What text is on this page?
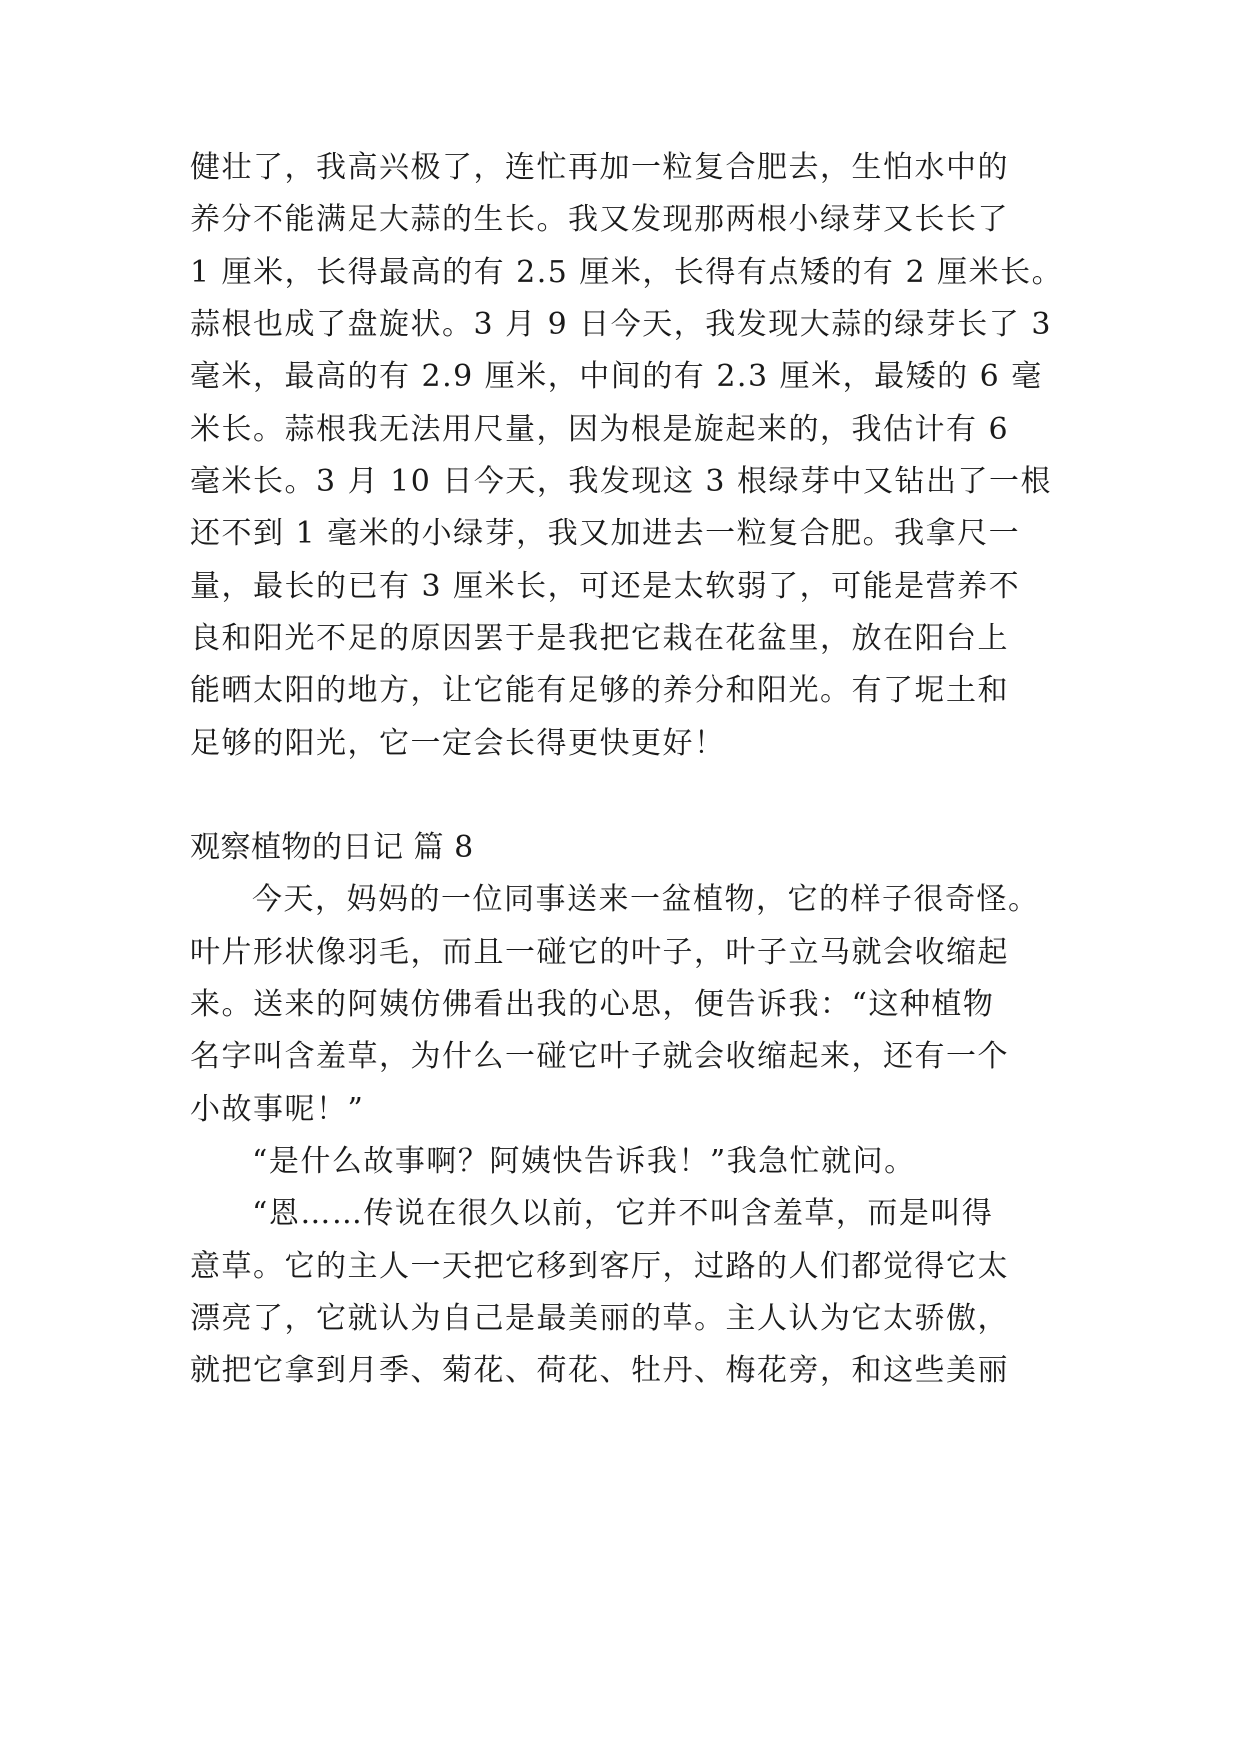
健壮了，我高兴极了，连忙再加一粒复合肥去，生怕水中的
养分不能满足大蒜的生长。我又发现那两根小绿芽又长长了
1 厘米，长得最高的有 2.5 厘米，长得有点矮的有 2 厘米长。
蒜根也成了盘旋状。3 月 9 日今天，我发现大蒜的绿芽长了 3
毫米，最高的有 2.9 厘米，中间的有 2.3 厘米，最矮的 6 毫
米长。蒜根我无法用尺量，因为根是旋起来的，我估计有 6
毫米长。3 月 10 日今天，我发现这 3 根绿芽中又钻出了一根
还不到 1 毫米的小绿芽，我又加进去一粒复合肥。我拿尺一
量，最长的已有 3 厘米长，可还是太软弱了，可能是营养不
良和阳光不足的原因罢于是我把它栽在花盆里，放在阳台上
能晒太阳的地方，让它能有足够的养分和阳光。有了坭土和
足够的阳光，它一定会长得更快更好！
观察植物的日记 篇 8
今天，妈妈的一位同事送来一盆植物，它的样子很奇怪。
叶片形状像羽毛，而且一碰它的叶子，叶子立马就会收缩起
来。送来的阿姨仿佛看出我的心思，便告诉我：“这种植物
名字叫含羞草，为什么一碰它叶子就会收缩起来，还有一个
小故事呢！”
“是什么故事啊？阿姨快告诉我！”我急忙就问。
“恩……传说在很久以前，它并不叫含羞草，而是叫得
意草。它的主人一天把它移到客厅，过路的人们都觉得它太
漂亮了，它就认为自己是最美丽的草。主人认为它太骄傲，
就把它拿到月季、菊花、荷花、牡丹、梅花旁，和这些美丽
